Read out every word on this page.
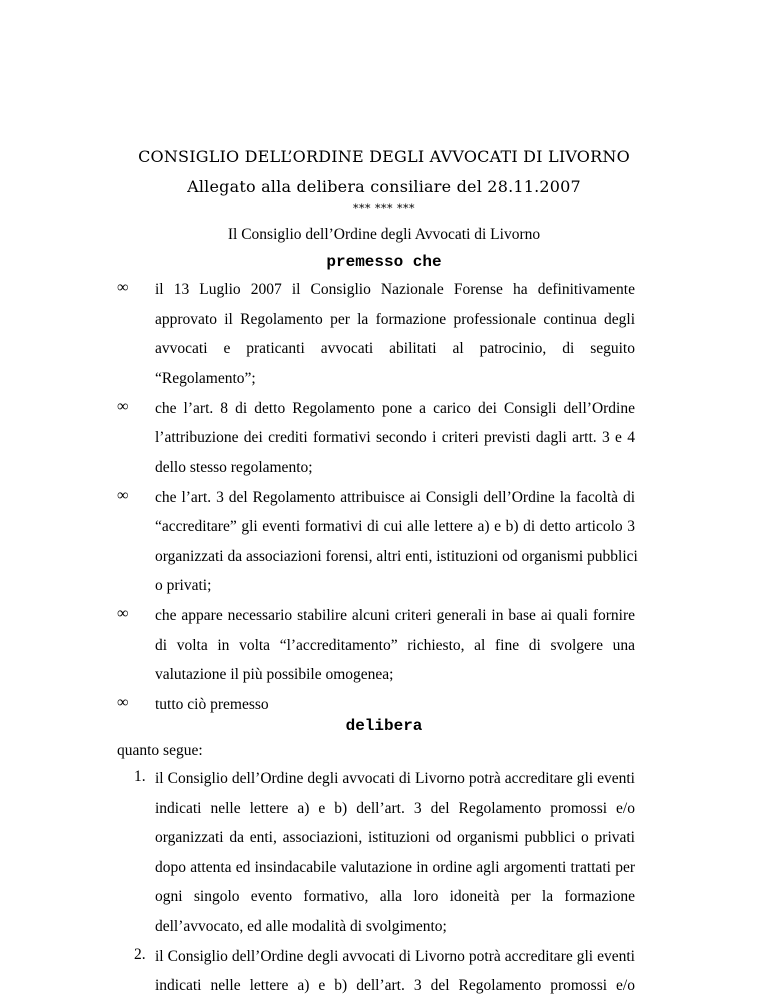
CONSIGLIO DELL’ORDINE DEGLI AVVOCATI DI LIVORNO
Allegato alla delibera consiliare del 28.11.2007
*** *** ***
Il Consiglio dell’Ordine degli Avvocati di Livorno
premesso che
∞ il 13 Luglio 2007 il Consiglio Nazionale Forense ha definitivamente
approvato il Regolamento per la formazione professionale continua degli
avvocati e praticanti avvocati abilitati al patrocinio, di seguito
“Regolamento”;
∞ che l’art. 8 di detto Regolamento pone a carico dei Consigli dell’Ordine
l’attribuzione dei crediti formativi secondo i criteri previsti dagli artt. 3 e 4
dello stesso regolamento;
∞ che l’art. 3 del Regolamento attribuisce ai Consigli dell’Ordine la facoltà di
“accreditare” gli eventi formativi di cui alle lettere a) e b) di detto articolo 3
organizzati da associazioni forensi, altri enti, istituzioni od organismi pubblici
o privati;
∞ che appare necessario stabilire alcuni criteri generali in base ai quali fornire
di volta in volta “l’accreditamento” richiesto, al fine di svolgere una
valutazione il più possibile omogenea;
∞ tutto ciò premesso
delibera
quanto segue:
1. il Consiglio dell’Ordine degli avvocati di Livorno potrà accreditare gli eventi
indicati nelle lettere a) e b) dell’art. 3 del Regolamento promossi e/o
organizzati da enti, associazioni, istituzioni od organismi pubblici o privati
dopo attenta ed insindacabile valutazione in ordine agli argomenti trattati per
ogni singolo evento formativo, alla loro idoneità per la formazione
dell’avvocato, ed alle modalità di svolgimento;
2. il Consiglio dell’Ordine degli avvocati di Livorno potrà accreditare gli eventi
indicati nelle lettere a) e b) dell’art. 3 del Regolamento promossi e/o
